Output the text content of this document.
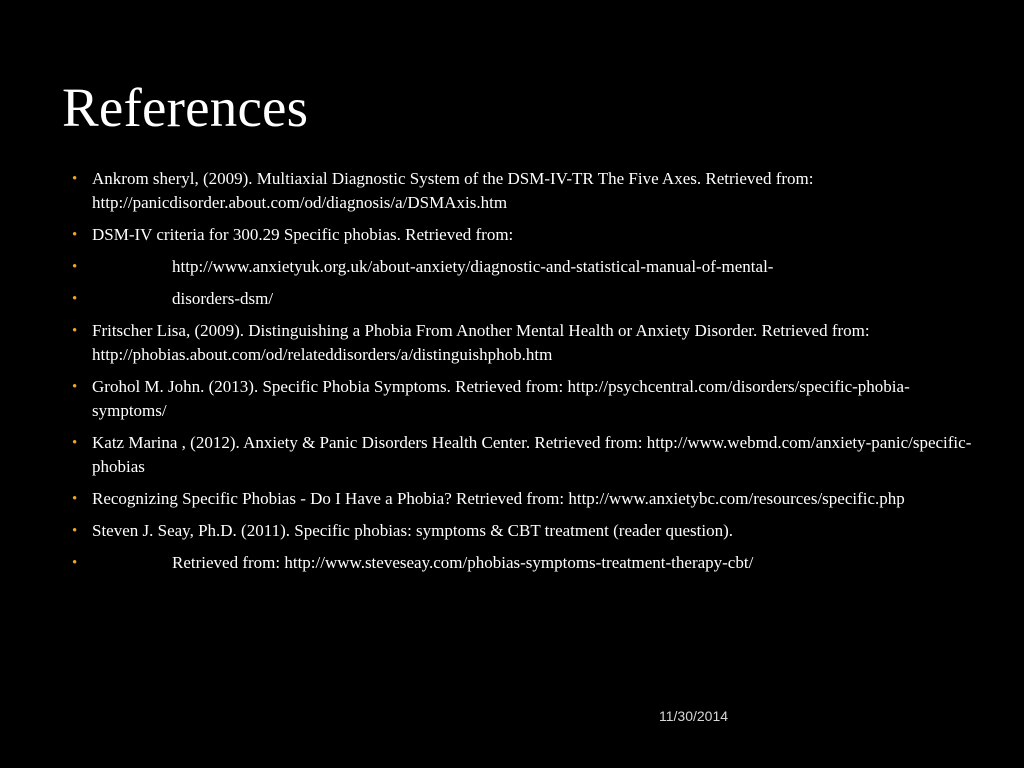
References
• Ankrom sheryl, (2009). Multiaxial Diagnostic System of the DSM-IV-TR The Five Axes. Retrieved from: http://panicdisorder.about.com/od/diagnosis/a/DSMAxis.htm
• DSM-IV criteria for 300.29 Specific phobias. Retrieved from:
•	http://www.anxietyuk.org.uk/about-anxiety/diagnostic-and-statistical-manual-of-mental-
•	disorders-dsm/
• Fritscher Lisa, (2009). Distinguishing a Phobia From Another Mental Health or Anxiety Disorder. Retrieved from: http://phobias.about.com/od/relateddisorders/a/distinguishphob.htm
• Grohol M. John. (2013). Specific Phobia Symptoms. Retrieved from: http://psychcentral.com/disorders/specific-phobia-symptoms/
• Katz Marina , (2012). Anxiety & Panic Disorders Health Center. Retrieved from: http://www.webmd.com/anxiety-panic/specific-phobias
• Recognizing Specific Phobias - Do I Have a Phobia? Retrieved from: http://www.anxietybc.com/resources/specific.php
• Steven J. Seay, Ph.D. (2011). Specific phobias: symptoms & CBT treatment (reader question).
•	Retrieved from: http://www.steveseay.com/phobias-symptoms-treatment-therapy-cbt/
11/30/2014
